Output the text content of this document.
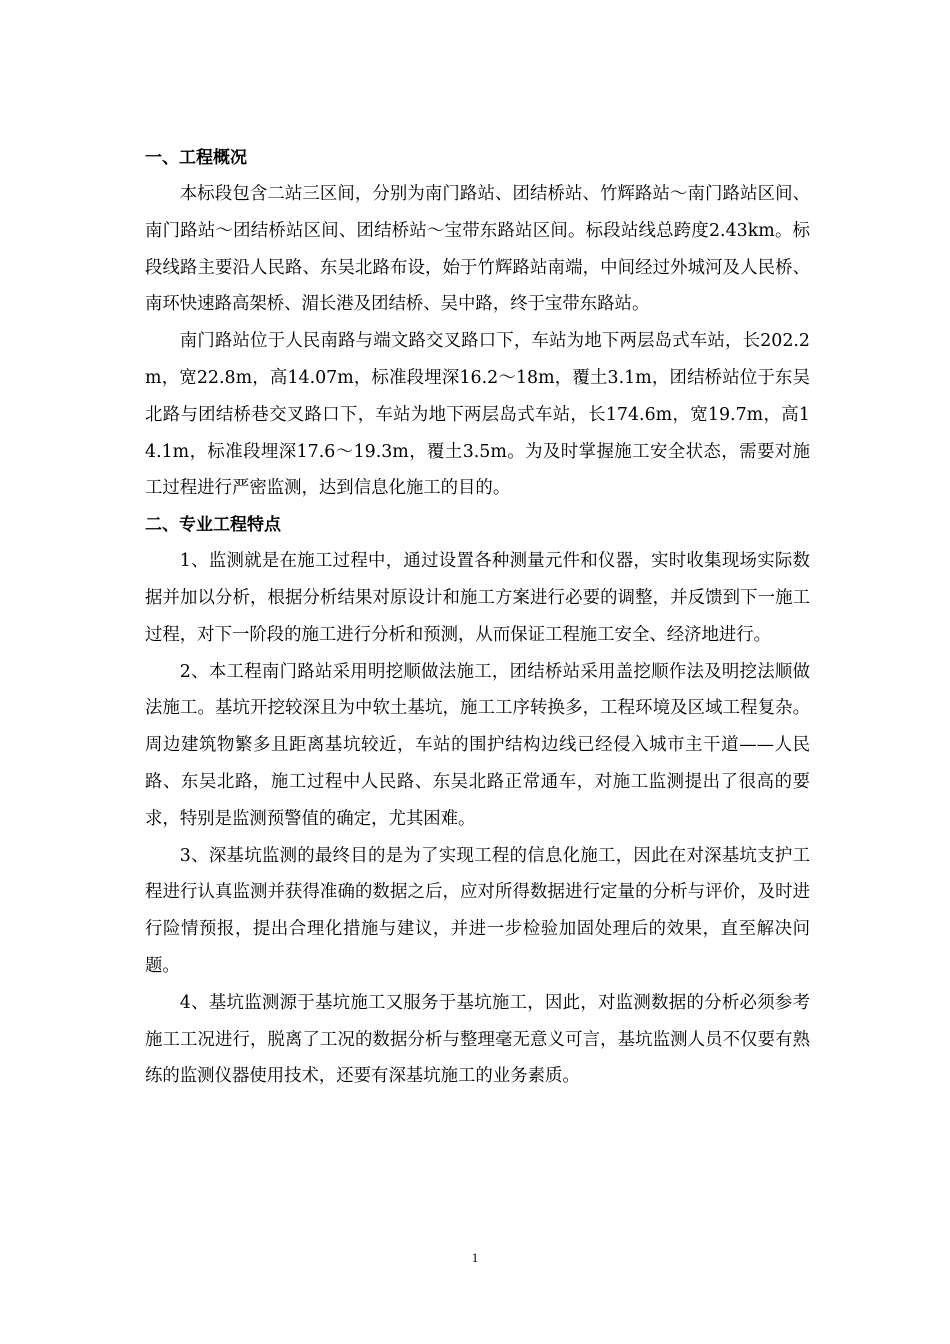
一、工程概况

本标段包含二站三区间，分别为南门路站、团结桥站、竹辉路站～南门路站区间、南门路站～团结桥站区间、团结桥站～宝带东路站区间。标段站线总跨度2.43km。标段线路主要沿人民路、东吴北路布设，始于竹辉路站南端，中间经过外城河及人民桥、南环快速路高架桥、湄长港及团结桥、吴中路，终于宝带东路站。

南门路站位于人民南路与端文路交叉路口下，车站为地下两层岛式车站，长202.2m，宽22.8m，高14.07m，标准段埋深16.2～18m，覆土3.1m，团结桥站位于东吴北路与团结桥巷交叉路口下，车站为地下两层岛式车站，长174.6m，宽19.7m，高14.1m，标准段埋深17.6～19.3m，覆土3.5m。为及时掌握施工安全状态，需要对施工过程进行严密监测，达到信息化施工的目的。

二、专业工程特点

1、监测就是在施工过程中，通过设置各种测量元件和仪器，实时收集现场实际数据并加以分析，根据分析结果对原设计和施工方案进行必要的调整，并反馈到下一施工过程，对下一阶段的施工进行分析和预测，从而保证工程施工安全、经济地进行。

2、本工程南门路站采用明挖顺做法施工，团结桥站采用盖挖顺作法及明挖法顺做法施工。基坑开挖较深且为中软土基坑，施工工序转换多，工程环境及区域工程复杂。周边建筑物繁多且距离基坑较近，车站的围护结构边线已经侵入城市主干道——人民路、东吴北路，施工过程中人民路、东吴北路正常通车，对施工监测提出了很高的要求，特别是监测预警值的确定，尤其困难。

3、深基坑监测的最终目的是为了实现工程的信息化施工，因此在对深基坑支护工程进行认真监测并获得准确的数据之后，应对所得数据进行定量的分析与评价，及时进行险情预报，提出合理化措施与建议，并进一步检验加固处理后的效果，直至解决问题。

4、基坑监测源于基坑施工又服务于基坑施工，因此，对监测数据的分析必须参考施工工况进行，脱离了工况的数据分析与整理毫无意义可言，基坑监测人员不仅要有熟练的监测仪器使用技术，还要有深基坑施工的业务素质。

1
